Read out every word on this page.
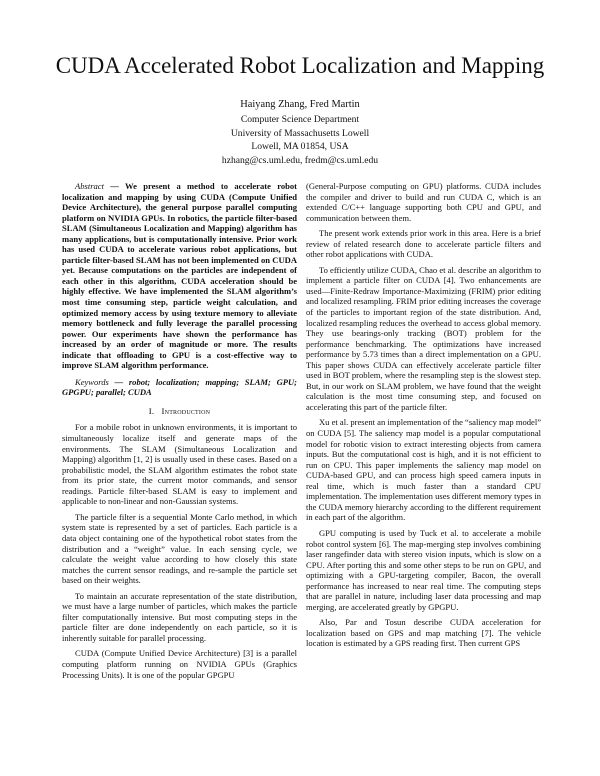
CUDA Accelerated Robot Localization and Mapping
Haiyang Zhang, Fred Martin
Computer Science Department
University of Massachusetts Lowell
Lowell, MA 01854, USA
hzhang@cs.uml.edu, fredm@cs.uml.edu

Abstract — We present a method to accelerate robot localization and mapping by using CUDA (Compute Unified Device Architecture), the general purpose parallel computing platform on NVIDIA GPUs. In robotics, the particle filter-based SLAM (Simultaneous Localization and Mapping) algorithm has many applications, but is computationally intensive. Prior work has used CUDA to accelerate various robot applications, but particle filter-based SLAM has not been implemented on CUDA yet. Because computations on the particles are independent of each other in this algorithm, CUDA acceleration should be highly effective. We have implemented the SLAM algorithm’s most time consuming step, particle weight calculation, and optimized memory access by using texture memory to alleviate memory bottleneck and fully leverage the parallel processing power. Our experiments have shown the performance has increased by an order of magnitude or more. The results indicate that offloading to GPU is a cost-effective way to improve SLAM algorithm performance.

Keywords — robot; localization; mapping; SLAM; GPU; GPGPU; parallel; CUDA

I. Introduction

For a mobile robot in unknown environments, it is important to simultaneously localize itself and generate maps of the environments. The SLAM (Simultaneous Localization and Mapping) algorithm [1, 2] is usually used in these cases. Based on a probabilistic model, the SLAM algorithm estimates the robot state from its prior state, the current motor commands, and sensor readings. Particle filter-based SLAM is easy to implement and applicable to non-linear and non-Gaussian systems.

The particle filter is a sequential Monte Carlo method, in which system state is represented by a set of particles. Each particle is a data object containing one of the hypothetical robot states from the distribution and a “weight” value. In each sensing cycle, we calculate the weight value according to how closely this state matches the current sensor readings, and re-sample the particle set based on their weights.

To maintain an accurate representation of the state distribution, we must have a large number of particles, which makes the particle filter computationally intensive. But most computing steps in the particle filter are done independently on each particle, so it is inherently suitable for parallel processing.

CUDA (Compute Unified Device Architecture) [3] is a parallel computing platform running on NVIDIA GPUs (Graphics Processing Units). It is one of the popular GPGPU

(General-Purpose computing on GPU) platforms. CUDA includes the compiler and driver to build and run CUDA C, which is an extended C/C++ language supporting both CPU and GPU, and communication between them.

The present work extends prior work in this area. Here is a brief review of related research done to accelerate particle filters and other robot applications with CUDA.

To efficiently utilize CUDA, Chao et al. describe an algorithm to implement a particle filter on CUDA [4]. Two enhancements are used—Finite-Redraw Importance-Maximizing (FRIM) prior editing and localized resampling. FRIM prior editing increases the coverage of the particles to important region of the state distribution. And, localized resampling reduces the overhead to access global memory. They use bearings-only tracking (BOT) problem for the performance benchmarking. The optimizations have increased performance by 5.73 times than a direct implementation on a GPU. This paper shows CUDA can effectively accelerate particle filter used in BOT problem, where the resampling step is the slowest step. But, in our work on SLAM problem, we have found that the weight calculation is the most time consuming step, and focused on accelerating this part of the particle filter.

Xu et al. present an implementation of the “saliency map model” on CUDA [5]. The saliency map model is a popular computational model for robotic vision to extract interesting objects from camera inputs. But the computational cost is high, and it is not efficient to run on CPU. This paper implements the saliency map model on CUDA-based GPU, and can process high speed camera inputs in real time, which is much faster than a standard CPU implementation. The implementation uses different memory types in the CUDA memory hierarchy according to the different requirement in each part of the algorithm.

GPU computing is used by Tuck et al. to accelerate a mobile robot control system [6]. The map-merging step involves combining laser rangefinder data with stereo vision inputs, which is slow on a CPU. After porting this and some other steps to be run on GPU, and optimizing with a GPU-targeting compiler, Bacon, the overall performance has increased to near real time. The computing steps that are parallel in nature, including laser data processing and map merging, are accelerated greatly by GPGPU.

Also, Par and Tosun describe CUDA acceleration for localization based on GPS and map matching [7]. The vehicle location is estimated by a GPS reading first. Then current GPS
